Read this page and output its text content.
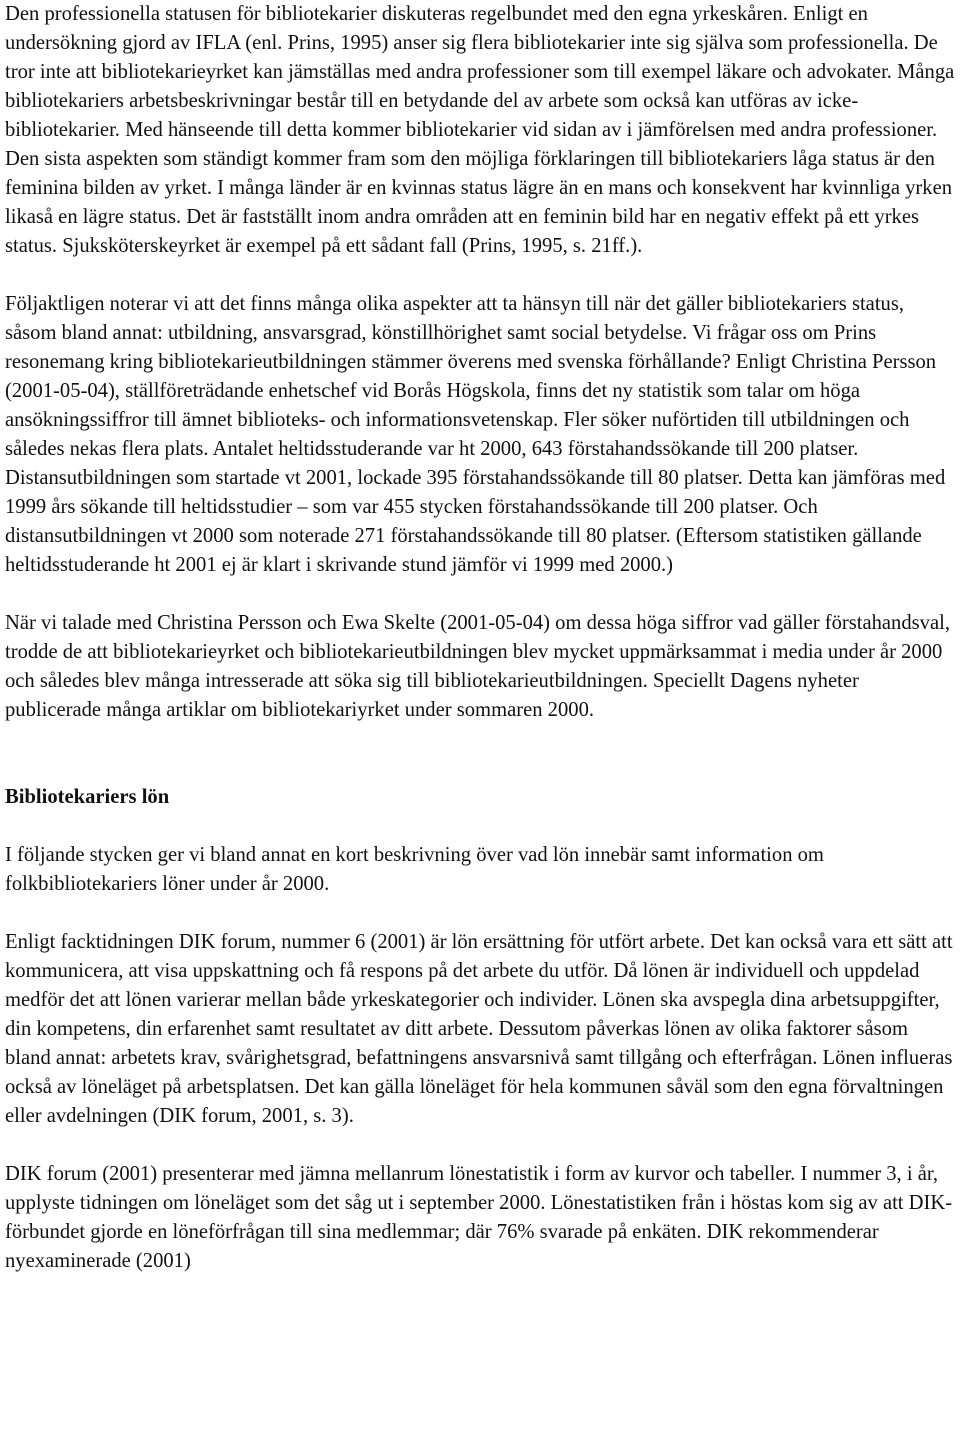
Den professionella statusen för bibliotekarier diskuteras regelbundet med den egna yrkeskåren. Enligt en undersökning gjord av IFLA (enl. Prins, 1995) anser sig flera bibliotekarier inte sig själva som professionella. De tror inte att bibliotekarieyrket kan jämställas med andra professioner som till exempel läkare och advokater. Många bibliotekariers arbetsbeskrivningar består till en betydande del av arbete som också kan utföras av icke-bibliotekarier. Med hänseende till detta kommer bibliotekarier vid sidan av i jämförelsen med andra professioner. Den sista aspekten som ständigt kommer fram som den möjliga förklaringen till bibliotekariers låga status är den feminina bilden av yrket. I många länder är en kvinnas status lägre än en mans och konsekvent har kvinnliga yrken likaså en lägre status. Det är fastställt inom andra områden att en feminin bild har en negativ effekt på ett yrkes status. Sjuksköterskeyrket är exempel på ett sådant fall (Prins, 1995, s. 21ff.).

Följaktligen noterar vi att det finns många olika aspekter att ta hänsyn till när det gäller bibliotekariers status, såsom bland annat: utbildning, ansvarsgrad, könstillhörighet samt social betydelse. Vi frågar oss om Prins resonemang kring bibliotekarieutbildningen stämmer överens med svenska förhållande? Enligt Christina Persson (2001-05-04), ställföreträdande enhetschef vid Borås Högskola, finns det ny statistik som talar om höga ansökningssiffror till ämnet biblioteks- och informationsvetenskap. Fler söker nuförtiden till utbildningen och således nekas flera plats. Antalet heltidsstuderande var ht 2000, 643 förstahandssökande till 200 platser. Distansutbildningen som startade vt 2001, lockade 395 förstahandssökande till 80 platser. Detta kan jämföras med 1999 års sökande till heltidsstudier – som var 455 stycken förstahandssökande till 200 platser. Och distansutbildningen vt 2000 som noterade 271 förstahandssökande till 80 platser. (Eftersom statistiken gällande heltidsstuderande ht 2001 ej är klart i skrivande stund jämför vi 1999 med 2000.)

När vi talade med Christina Persson och Ewa Skelte (2001-05-04) om dessa höga siffror vad gäller förstahandsval, trodde de att bibliotekarieyrket och bibliotekarieutbildningen blev mycket uppmärksammat i media under år 2000 och således blev många intresserade att söka sig till bibliotekarieutbildningen. Speciellt Dagens nyheter publicerade många artiklar om bibliotekariyrket under sommaren 2000.

Bibliotekariers lön

I följande stycken ger vi bland annat en kort beskrivning över vad lön innebär samt information om folkbibliotekariers löner under år 2000.

Enligt facktidningen DIK forum, nummer 6 (2001) är lön ersättning för utfört arbete. Det kan också vara ett sätt att kommunicera, att visa uppskattning och få respons på det arbete du utför. Då lönen är individuell och uppdelad medför det att lönen varierar mellan både yrkeskategorier och individer. Lönen ska avspegla dina arbetsuppgifter, din kompetens, din erfarenhet samt resultatet av ditt arbete. Dessutom påverkas lönen av olika faktorer såsom bland annat: arbetets krav, svårighetsgrad, befattningens ansvarsnivå samt tillgång och efterfrågan. Lönen influeras också av löneläget på arbetsplatsen. Det kan gälla löneläget för hela kommunen såväl som den egna förvaltningen eller avdelningen (DIK forum, 2001, s. 3).

DIK forum (2001) presenterar med jämna mellanrum lönestatistik i form av kurvor och tabeller. I nummer 3, i år, upplyste tidningen om löneläget som det såg ut i september 2000. Lönestatistiken från i höstas kom sig av att DIK-förbundet gjorde en löneförfrågan till sina medlemmar; där 76% svarade på enkäten. DIK rekommenderar nyexaminerade (2001)
